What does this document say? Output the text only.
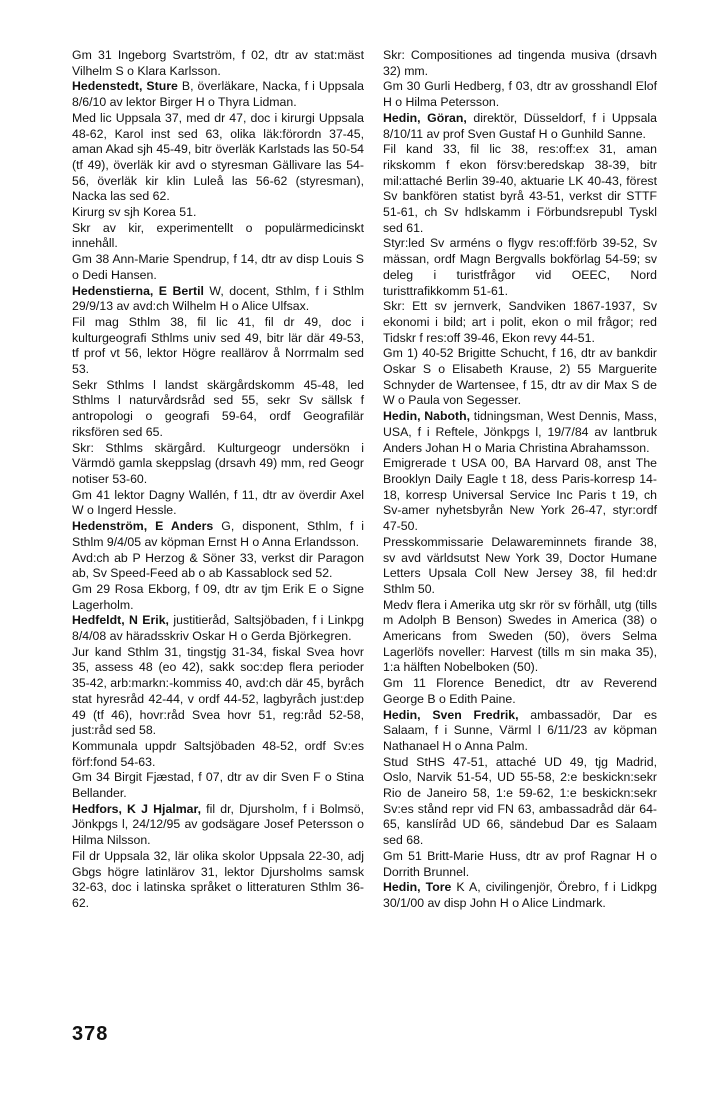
Gm 31 Ingeborg Svartström, f 02, dtr av stat:mäst Vilhelm S o Klara Karlsson.

Hedenstedt, Sture B, överläkare, Nacka, f i Uppsala 8/6/10 av lektor Birger H o Thyra Lidman.

Med lic Uppsala 37, med dr 47, doc i kirurgi Uppsala 48-62, Karol inst sed 63, olika läk:förordn 37-45, aman Akad sjh 45-49, bitr överläk Karlstads las 50-54 (tf 49), överläk kir avd o styresman Gällivare las 54-56, överläk kir klin Luleå las 56-62 (styresman), Nacka las sed 62.

Kirurg sv sjh Korea 51.

Skr av kir, experimentellt o populärmedicinskt innehåll.

Gm 38 Ann-Marie Spendrup, f 14, dtr av disp Louis S o Dedi Hansen.

Hedenstierna, E Bertil W, docent, Sthlm, f i Sthlm 29/9/13 av avd:ch Wilhelm H o Alice Ulfsax.

Fil mag Sthlm 38, fil lic 41, fil dr 49, doc i kulturgeografi Sthlms univ sed 49, bitr lär där 49-53, tf prof vt 56, lektor Högre reallärov å Norrmalm sed 53.

Sekr Sthlms l landst skärgårdskomm 45-48, led Sthlms l naturvårdsråd sed 55, sekr Sv sällsk f antropologi o geografi 59-64, ordf Geografilär riksfören sed 65.

Skr: Sthlms skärgård. Kulturgeogr undersökn i Värmdö gamla skeppslag (drsavh 49) mm, red Geogr notiser 53-60.

Gm 41 lektor Dagny Wallén, f 11, dtr av överdir Axel W o Ingerd Hessle.

Hedenström, E Anders G, disponent, Sthlm, f i Sthlm 9/4/05 av köpman Ernst H o Anna Erlandsson.

Avd:ch ab P Herzog & Söner 33, verkst dir Paragon ab, Sv Speed-Feed ab o ab Kassablock sed 52.

Gm 29 Rosa Ekborg, f 09, dtr av tjm Erik E o Signe Lagerholm.

Hedfeldt, N Erik, justitieråd, Saltsjöbaden, f i Linkpg 8/4/08 av häradsskriv Oskar H o Gerda Björkegren.

Jur kand Sthlm 31, tingstjg 31-34, fiskal Svea hovr 35, assess 48 (eo 42), sakk soc:dep flera perioder 35-42, arb:markn:-kommiss 40, avd:ch där 45, byråch stat hyresråd 42-44, v ordf 44-52, lagbyråch just:dep 49 (tf 46), hovr:råd Svea hovr 51, reg:råd 52-58, just:råd sed 58.

Kommunala uppdr Saltsjöbaden 48-52, ordf Sv:es förf:fond 54-63.

Gm 34 Birgit Fjæstad, f 07, dtr av dir Sven F o Stina Bellander.

Hedfors, K J Hjalmar, fil dr, Djursholm, f i Bolmsö, Jönkpgs l, 24/12/95 av godsägare Josef Petersson o Hilma Nilsson.

Fil dr Uppsala 32, lär olika skolor Uppsala 22-30, adj Gbgs högre latinlärov 31, lektor Djursholms samsk 32-63, doc i latinska språket o litteraturen Sthlm 36-62.

Skr: Compositiones ad tingenda musiva (drsavh 32) mm.

Gm 30 Gurli Hedberg, f 03, dtr av grosshandl Elof H o Hilma Petersson.

Hedin, Göran, direktör, Düsseldorf, f i Uppsala 8/10/11 av prof Sven Gustaf H o Gunhild Sanne.

Fil kand 33, fil lic 38, res:off:ex 31, aman rikskomm f ekon försv:beredskap 38-39, bitr mil:attaché Berlin 39-40, aktuarie LK 40-43, förest Sv bankfören statist byrå 43-51, verkst dir STTF 51-61, ch Sv hdlskamm i Förbundsrepubl Tyskl sed 61.

Styr:led Sv arméns o flygv res:off:förb 39-52, Sv mässan, ordf Magn Bergvalls bokförlag 54-59; sv deleg i turistfrågor vid OEEC, Nord turisttrafikkomm 51-61.

Skr: Ett sv jernverk, Sandviken 1867-1937, Sv ekonomi i bild; art i polit, ekon o mil frågor; red Tidskr f res:off 39-46, Ekon revy 44-51.

Gm 1) 40-52 Brigitte Schucht, f 16, dtr av bankdir Oskar S o Elisabeth Krause, 2) 55 Marguerite Schnyder de Wartensee, f 15, dtr av dir Max S de W o Paula von Segesser.

Hedin, Naboth, tidningsman, West Dennis, Mass, USA, f i Reftele, Jönkpgs l, 19/7/84 av lantbruk Anders Johan H o Maria Christina Abrahamsson.

Emigrerade t USA 00, BA Harvard 08, anst The Brooklyn Daily Eagle t 18, dess Paris-korresp 14-18, korresp Universal Service Inc Paris t 19, ch Sv-amer nyhetsbyrån New York 26-47, styr:ordf 47-50.

Presskommissarie Delawareminnets firande 38, sv avd världsutst New York 39, Doctor Humane Letters Upsala Coll New Jersey 38, fil hed:dr Sthlm 50.

Medv flera i Amerika utg skr rör sv förhåll, utg (tills m Adolph B Benson) Swedes in America (38) o Americans from Sweden (50), övers Selma Lagerlöfs noveller: Harvest (tills m sin maka 35), 1:a hälften Nobelboken (50).

Gm 11 Florence Benedict, dtr av Reverend George B o Edith Paine.

Hedin, Sven Fredrik, ambassadör, Dar es Salaam, f i Sunne, Värml l 6/11/23 av köpman Nathanael H o Anna Palm.

Stud StHS 47-51, attaché UD 49, tjg Madrid, Oslo, Narvik 51-54, UD 55-58, 2:e beskickn:sekr Rio de Janeiro 58, 1:e 59-62, 1:e beskickn:sekr Sv:es stånd repr vid FN 63, ambassadråd där 64-65, kanslíråd UD 66, sändebud Dar es Salaam sed 68.

Gm 51 Britt-Marie Huss, dtr av prof Ragnar H o Dorrith Brunnel.

Hedin, Tore K A, civilingenjör, Örebro, f i Lidkpg 30/1/00 av disp John H o Alice Lindmark.

378
